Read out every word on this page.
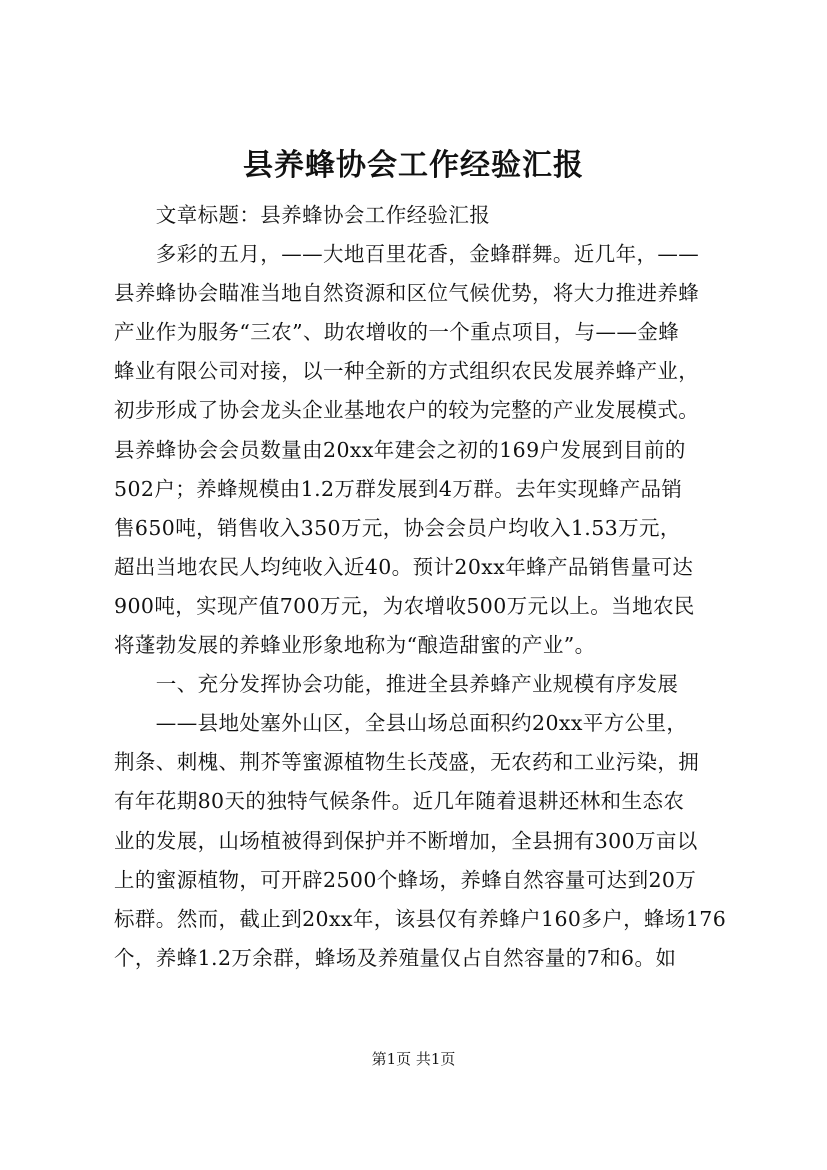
县养蜂协会工作经验汇报
　　文章标题：县养蜂协会工作经验汇报
　　多彩的五月，——大地百里花香，金蜂群舞。近几年，——
县养蜂协会瞄准当地自然资源和区位气候优势，将大力推进养蜂
产业作为服务“三农”、助农增收的一个重点项目，与——金蜂
蜂业有限公司对接，以一种全新的方式组织农民发展养蜂产业，
初步形成了协会龙头企业基地农户的较为完整的产业发展模式。
县养蜂协会会员数量由20xx年建会之初的169户发展到目前的
502户；养蜂规模由1.2万群发展到4万群。去年实现蜂产品销
售650吨，销售收入350万元，协会会员户均收入1.53万元，
超出当地农民人均纯收入近40。预计20xx年蜂产品销售量可达
900吨，实现产值700万元，为农增收500万元以上。当地农民
将蓬勃发展的养蜂业形象地称为“酿造甜蜜的产业”。
　　一、充分发挥协会功能，推进全县养蜂产业规模有序发展
　　——县地处塞外山区，全县山场总面积约20xx平方公里，
荆条、刺槐、荆芥等蜜源植物生长茂盛，无农药和工业污染，拥
有年花期80天的独特气候条件。近几年随着退耕还林和生态农
业的发展，山场植被得到保护并不断增加，全县拥有300万亩以
上的蜜源植物，可开辟2500个蜂场，养蜂自然容量可达到20万
标群。然而，截止到20xx年，该县仅有养蜂户160多户，蜂场176
个，养蜂1.2万余群，蜂场及养殖量仅占自然容量的7和6。如
第1页 共1页
